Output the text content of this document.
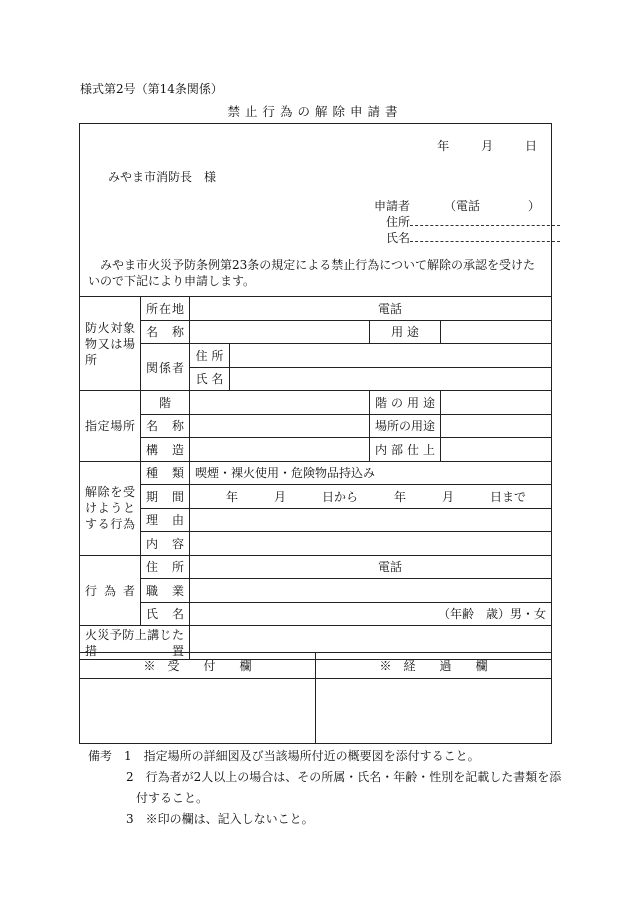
様式第2号（第14条関係）
禁止行為の解除申請書
年	月	日
みやま市消防長　様
申請者	（電話　　　　）
住所
氏名
みやま市火災予防条例第23条の規定による禁止行為について解除の承認を受けたいので下記により申請します。
防火対象物又は場所	所在地	電話			
	名　称			用 途	
	関係者	住 所			
		氏 名			
指定場所	階			階 の 用 途	
	名　称			場所の用途	
	構　造			内 部 仕 上	
解除を受けようとする行為	種　類	喫煙・裸火使用・危険物品持込み			
	期　間	年　　　月　　　日から　　　年　　　月　　　日まで			
	理　由				
	内　容				
行為者	住　所	電話			
	職　業				
	氏　名	（年齢　歳）男・女			
火災予防上講じた措置					
※　受　　付　　欄	※　経　　過　　欄

備考　 1　指定場所の詳細図及び当該場所付近の概要図を添付すること。
2　行為者が2人以上の場合は、その所属・氏名・年齢・性別を記載した書類を添
付すること。
3　※印の欄は、記入しないこと。
